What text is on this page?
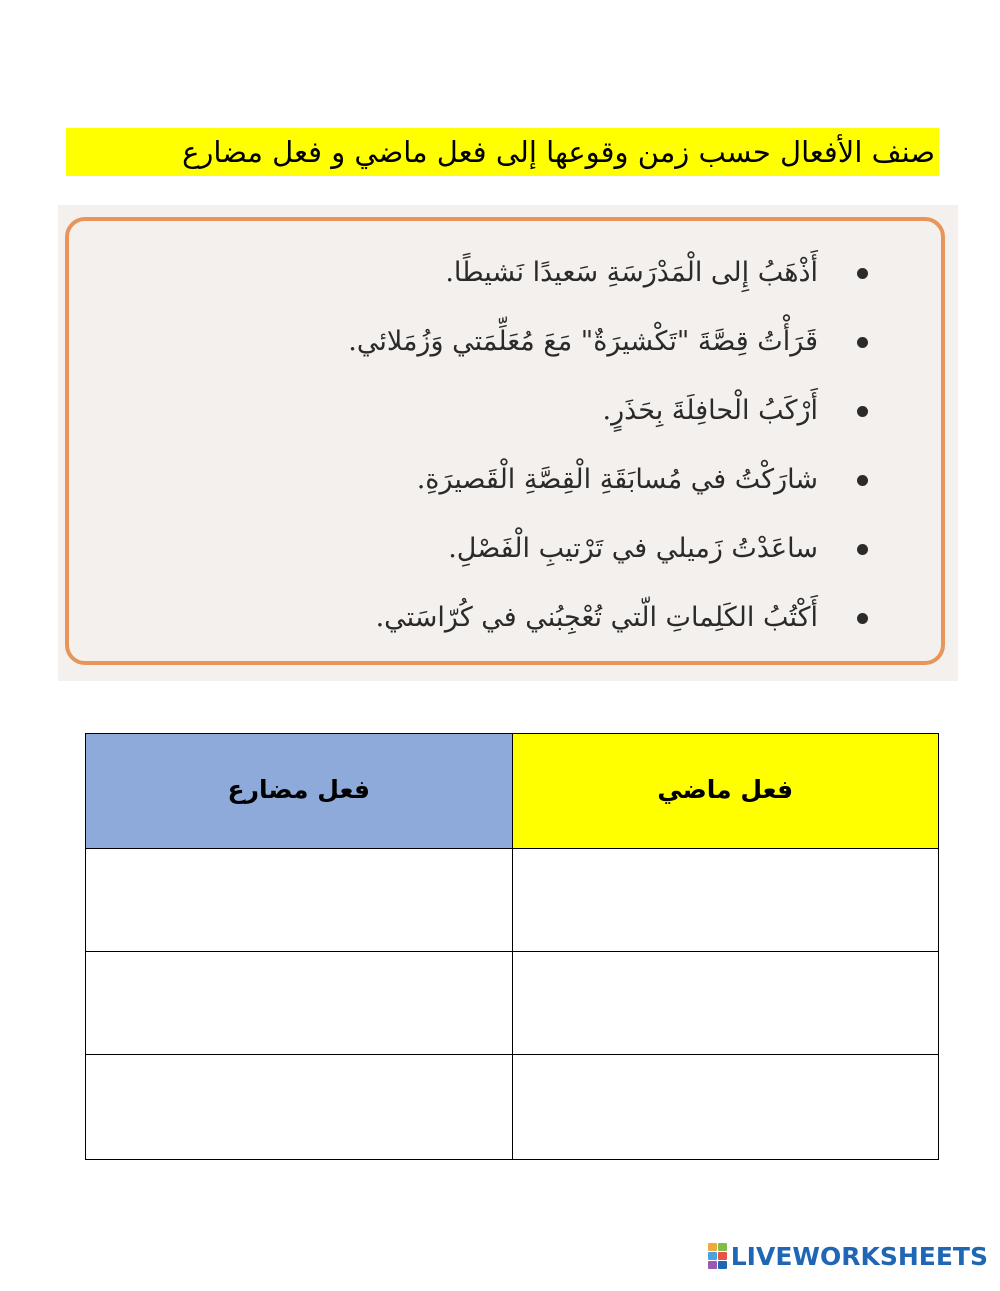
صنف الأفعال حسب زمن وقوعها إلى فعل ماضي و فعل مضارع
أَذْهَبُ إِلى الْمَدْرَسَةِ سَعيدًا نَشيطًا.
قَرَأْتُ قِصَّةَ "تَكْشيرَةٌ" مَعَ مُعَلِّمَتي وَزُمَلائي.
أَرْكَبُ الْحافِلَةَ بِحَذَرٍ.
شارَكْتُ في مُسابَقَةِ الْقِصَّةِ الْقَصيرَةِ.
ساعَدْتُ زَميلي في تَرْتيبِ الْفَصْلِ.
أَكْتُبُ الكَلِماتِ الّتي تُعْجِبُني في كُرّاسَتي.
فعل مضارع	فعل ماضي

LIVEWORKSHEETS
